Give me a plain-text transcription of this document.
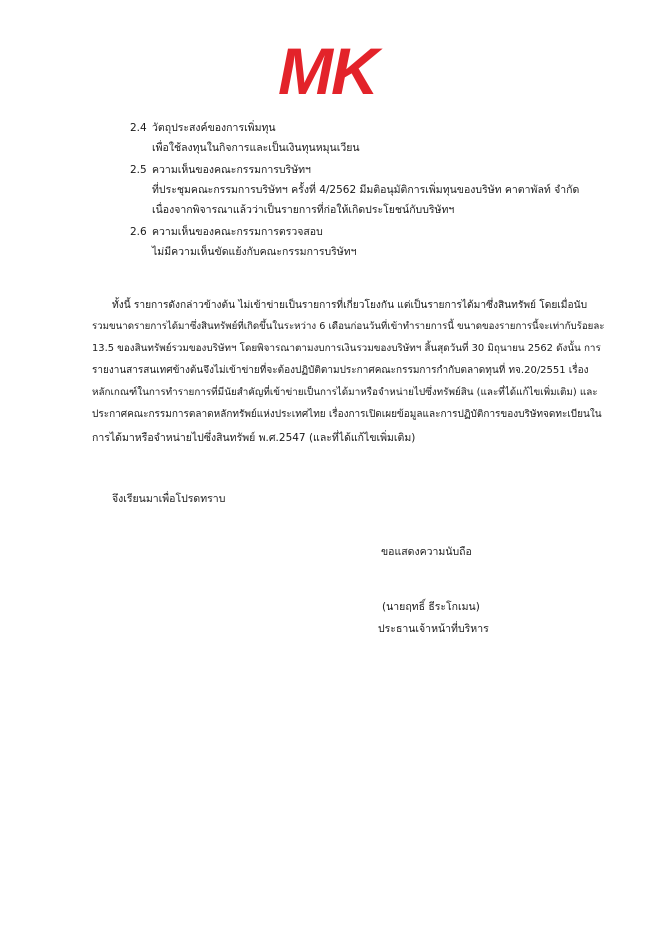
MK
2.4 วัตถุประสงค์ของการเพิ่มทุน
เพื่อใช้ลงทุนในกิจการและเป็นเงินทุนหมุนเวียน
2.5 ความเห็นของคณะกรรมการบริษัทฯ
ที่ประชุมคณะกรรมการบริษัทฯ ครั้งที่ 4/2562 มีมติอนุมัติการเพิ่มทุนของบริษัท คาตาพัลท์ จำกัด
เนื่องจากพิจารณาแล้วว่าเป็นรายการที่ก่อให้เกิดประโยชน์กับบริษัทฯ
2.6 ความเห็นของคณะกรรมการตรวจสอบ
ไม่มีความเห็นขัดแย้งกับคณะกรรมการบริษัทฯ
ทั้งนี้ รายการดังกล่าวข้างต้น ไม่เข้าข่ายเป็นรายการที่เกี่ยวโยงกัน แต่เป็นรายการได้มาซึ่งสินทรัพย์ โดยเมื่อนับ
รวมขนาดรายการได้มาซึ่งสินทรัพย์ที่เกิดขึ้นในระหว่าง 6 เดือนก่อนวันที่เข้าทำรายการนี้ ขนาดของรายการนี้จะเท่ากับร้อยละ
13.5 ของสินทรัพย์รวมของบริษัทฯ โดยพิจารณาตามงบการเงินรวมของบริษัทฯ สิ้นสุดวันที่ 30 มิถุนายน 2562 ดังนั้น การ
รายงานสารสนเทศข้างต้นจึงไม่เข้าข่ายที่จะต้องปฏิบัติตามประกาศคณะกรรมการกำกับตลาดทุนที่ ทจ.20/2551 เรื่อง
หลักเกณฑ์ในการทำรายการที่มีนัยสำคัญที่เข้าข่ายเป็นการได้มาหรือจำหน่ายไปซึ่งทรัพย์สิน (และที่ได้แก้ไขเพิ่มเติม) และ
ประกาศคณะกรรมการตลาดหลักทรัพย์แห่งประเทศไทย เรื่องการเปิดเผยข้อมูลและการปฏิบัติการของบริษัทจดทะเบียนใน
การได้มาหรือจำหน่ายไปซึ่งสินทรัพย์ พ.ศ.2547 (และที่ได้แก้ไขเพิ่มเติม)
จึงเรียนมาเพื่อโปรดทราบ
ขอแสดงความนับถือ
(นายฤทธิ์ ธีระโกเมน)
ประธานเจ้าหน้าที่บริหาร
